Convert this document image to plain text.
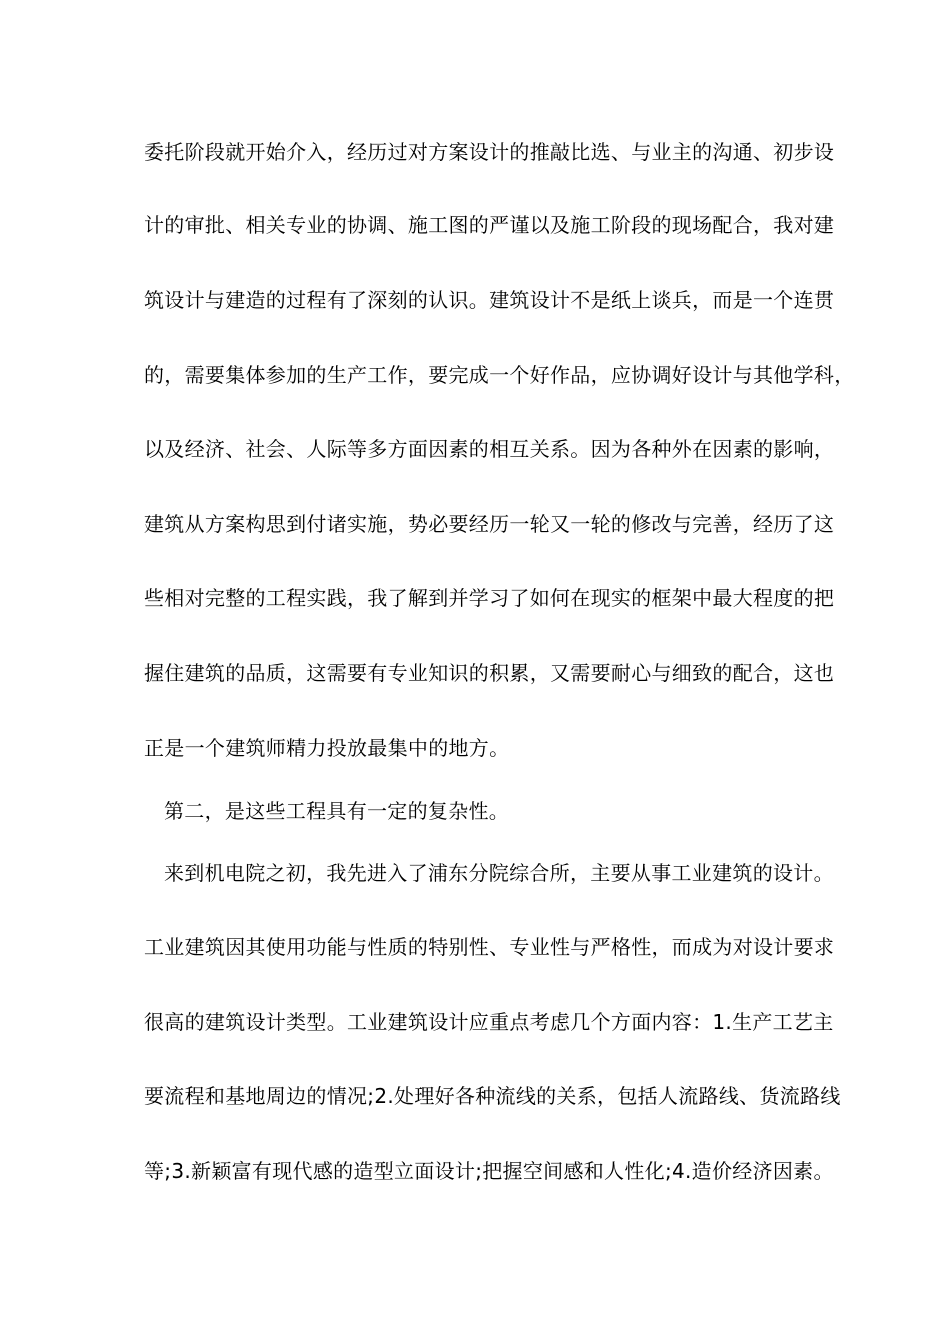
委托阶段就开始介入，经历过对方案设计的推敲比选、与业主的沟通、初步设
计的审批、相关专业的协调、施工图的严谨以及施工阶段的现场配合，我对建
筑设计与建造的过程有了深刻的认识。建筑设计不是纸上谈兵，而是一个连贯
的，需要集体参加的生产工作，要完成一个好作品，应协调好设计与其他学科，
以及经济、社会、人际等多方面因素的相互关系。因为各种外在因素的影响，
建筑从方案构思到付诸实施，势必要经历一轮又一轮的修改与完善，经历了这
些相对完整的工程实践，我了解到并学习了如何在现实的框架中最大程度的把
握住建筑的品质，这需要有专业知识的积累，又需要耐心与细致的配合，这也
正是一个建筑师精力投放最集中的地方。
第二，是这些工程具有一定的复杂性。
来到机电院之初，我先进入了浦东分院综合所，主要从事工业建筑的设计。
工业建筑因其使用功能与性质的特别性、专业性与严格性，而成为对设计要求
很高的建筑设计类型。工业建筑设计应重点考虑几个方面内容：1.生产工艺主
要流程和基地周边的情况;2.处理好各种流线的关系，包括人流路线、货流路线
等;3.新颖富有现代感的造型立面设计;把握空间感和人性化;4.造价经济因素。
